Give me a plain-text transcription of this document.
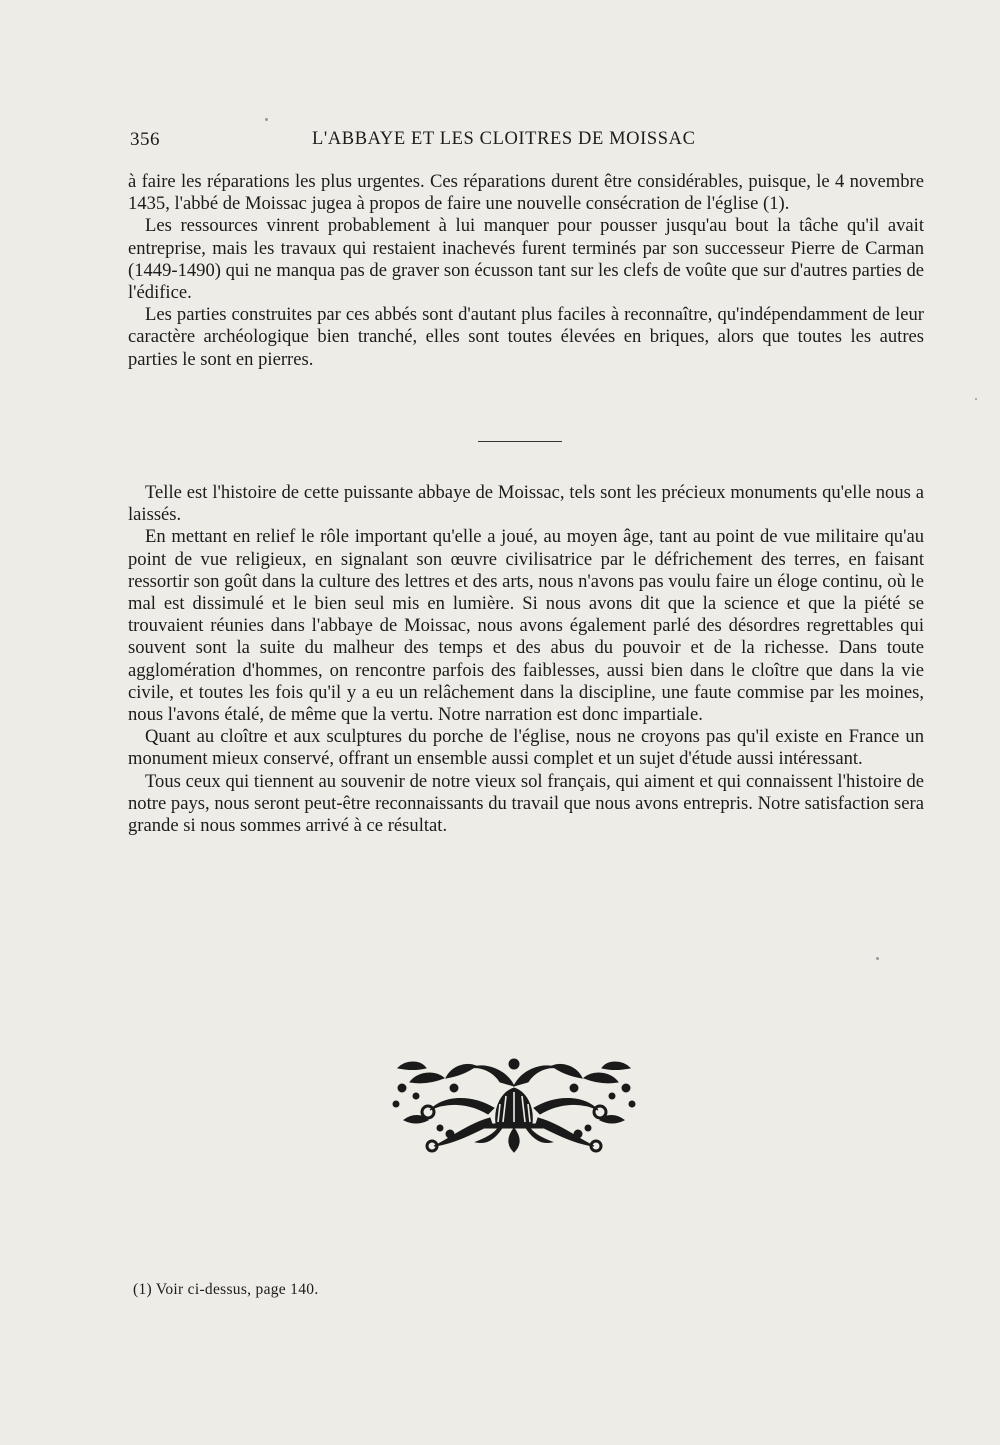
356	L'ABBAYE ET LES CLOITRES DE MOISSAC

à faire les réparations les plus urgentes. Ces réparations durent être considérables, puisque, le 4 novembre 1435, l'abbé de Moissac jugea à propos de faire une nouvelle consécration de l'église (1).

Les ressources vinrent probablement à lui manquer pour pousser jusqu'au bout la tâche qu'il avait entreprise, mais les travaux qui restaient inachevés furent terminés par son successeur Pierre de Carman (1449-1490) qui ne manqua pas de graver son écusson tant sur les clefs de voûte que sur d'autres parties de l'édifice.

Les parties construites par ces abbés sont d'autant plus faciles à reconnaître, qu'indépendamment de leur caractère archéologique bien tranché, elles sont toutes élevées en briques, alors que toutes les autres parties le sont en pierres.

Telle est l'histoire de cette puissante abbaye de Moissac, tels sont les précieux monuments qu'elle nous a laissés.

En mettant en relief le rôle important qu'elle a joué, au moyen âge, tant au point de vue militaire qu'au point de vue religieux, en signalant son œuvre civilisatrice par le défrichement des terres, en faisant ressortir son goût dans la culture des lettres et des arts, nous n'avons pas voulu faire un éloge continu, où le mal est dissimulé et le bien seul mis en lumière. Si nous avons dit que la science et que la piété se trouvaient réunies dans l'abbaye de Moissac, nous avons également parlé des désordres regrettables qui souvent sont la suite du malheur des temps et des abus du pouvoir et de la richesse. Dans toute agglomération d'hommes, on rencontre parfois des faiblesses, aussi bien dans le cloître que dans la vie civile, et toutes les fois qu'il y a eu un relâchement dans la discipline, une faute commise par les moines, nous l'avons étalé, de même que la vertu. Notre narration est donc impartiale.

Quant au cloître et aux sculptures du porche de l'église, nous ne croyons pas qu'il existe en France un monument mieux conservé, offrant un ensemble aussi complet et un sujet d'étude aussi intéressant.

Tous ceux qui tiennent au souvenir de notre vieux sol français, qui aiment et qui connaissent l'histoire de notre pays, nous seront peut-être reconnaissants du travail que nous avons entrepris. Notre satisfaction sera grande si nous sommes arrivé à ce résultat.

(1) Voir ci-dessus, page 140.
